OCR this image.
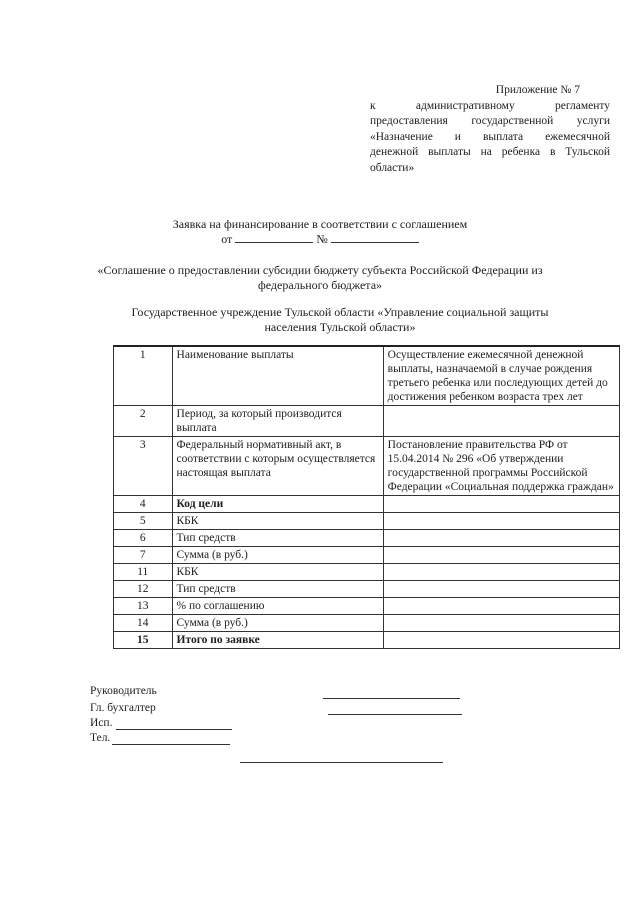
Приложение № 7
к административному регламенту
предоставления государственной услуги
«Назначение и выплата ежемесячной
денежной выплаты на ребенка в Тульской
области»
Заявка на финансирование в соответствии с соглашением
от	№
«Соглашение о предоставлении субсидии бюджету субъекта Российской Федерации из
федерального бюджета»
Государственное учреждение Тульской области «Управление социальной защиты
населения Тульской области»
1	Наименование выплаты	Осуществление ежемесячной денежной выплаты, назначаемой в случае рождения третьего ребенка или последующих детей до достижения ребенком возраста трех лет
2	Период, за который производится выплата	
3	Федеральный нормативный акт, в соответствии с которым осуществляется настоящая выплата	Постановление правительства РФ от 15.04.2014 № 296 «Об утверждении государственной программы Российской Федерации «Социальная поддержка граждан»
4	Код цели	
5	КБК	
6	Тип средств	
7	Сумма (в руб.)	
11	КБК	
12	Тип средств	
13	% по соглашению	
14	Сумма (в руб.)	
15	Итого по заявке	
Руководитель
Гл. бухгалтер
Исп.
Тел.
